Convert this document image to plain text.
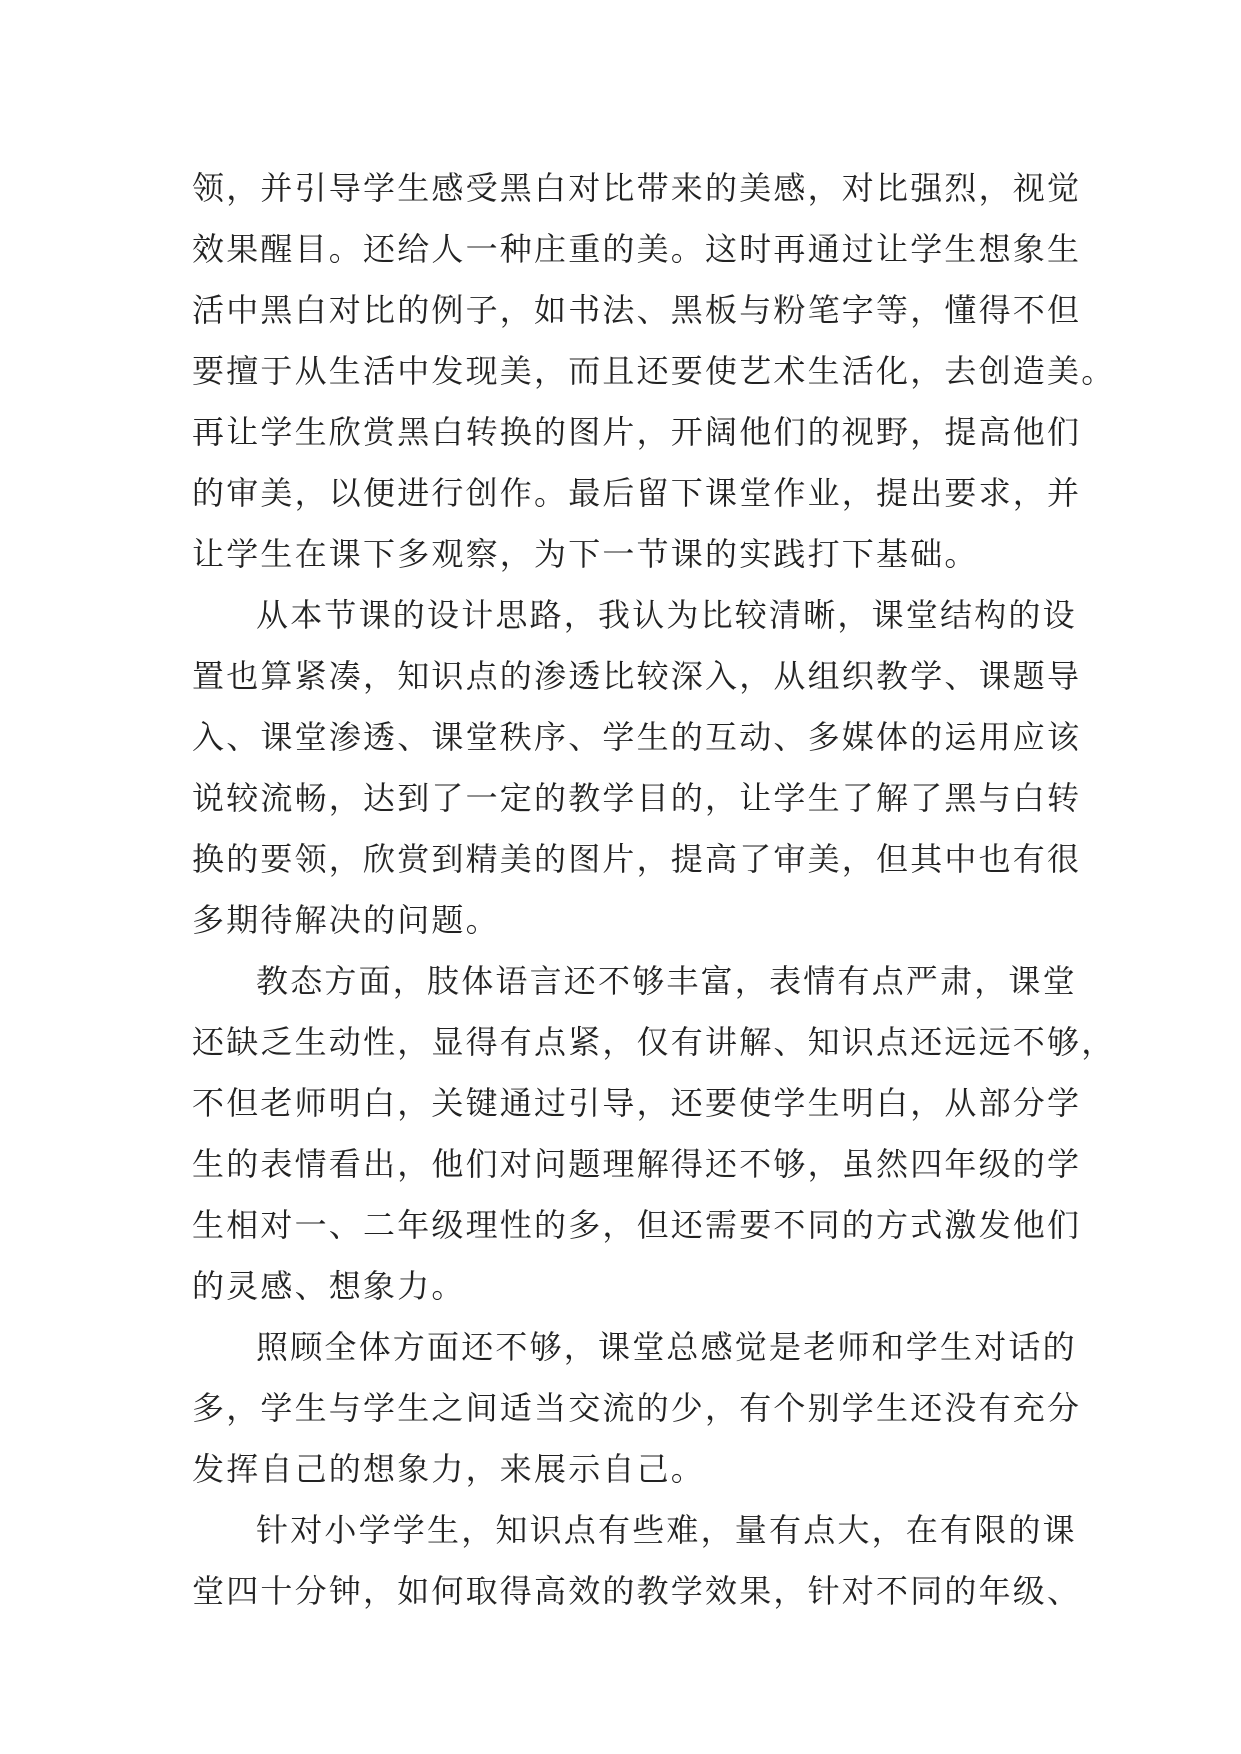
领，并引导学生感受黑白对比带来的美感，对比强烈，视觉
效果醒目。还给人一种庄重的美。这时再通过让学生想象生
活中黑白对比的例子，如书法、黑板与粉笔字等，懂得不但
要擅于从生活中发现美，而且还要使艺术生活化，去创造美。
再让学生欣赏黑白转换的图片，开阔他们的视野，提高他们
的审美，以便进行创作。最后留下课堂作业，提出要求，并
让学生在课下多观察，为下一节课的实践打下基础。
从本节课的设计思路，我认为比较清晰，课堂结构的设
置也算紧凑，知识点的渗透比较深入，从组织教学、课题导
入、课堂渗透、课堂秩序、学生的互动、多媒体的运用应该
说较流畅，达到了一定的教学目的，让学生了解了黑与白转
换的要领，欣赏到精美的图片，提高了审美，但其中也有很
多期待解决的问题。
教态方面，肢体语言还不够丰富，表情有点严肃，课堂
还缺乏生动性，显得有点紧，仅有讲解、知识点还远远不够，
不但老师明白，关键通过引导，还要使学生明白，从部分学
生的表情看出，他们对问题理解得还不够，虽然四年级的学
生相对一、二年级理性的多，但还需要不同的方式激发他们
的灵感、想象力。
照顾全体方面还不够，课堂总感觉是老师和学生对话的
多，学生与学生之间适当交流的少，有个别学生还没有充分
发挥自己的想象力，来展示自己。
针对小学学生，知识点有些难，量有点大，在有限的课
堂四十分钟，如何取得高效的教学效果，针对不同的年级、
